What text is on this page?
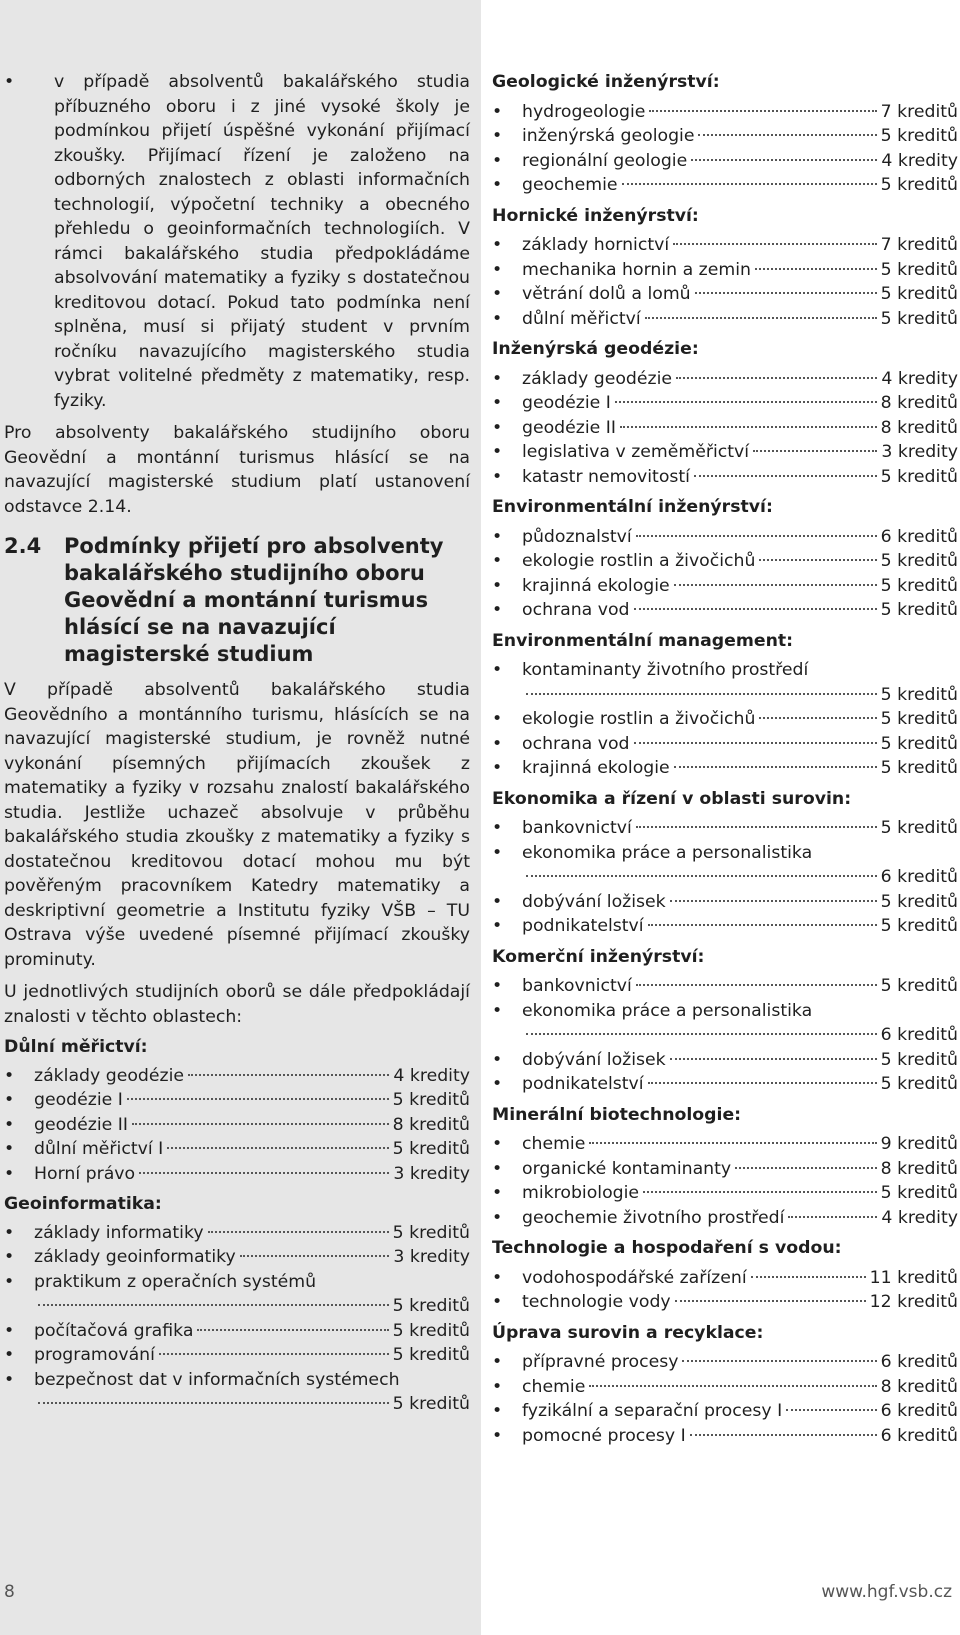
• v případě absolventů bakalářského studia příbuzného oboru i z jiné vysoké školy je podmínkou přijetí úspěšné vykonání přijímací zkoušky. Přijímací řízení je založeno na odborných znalostech z oblasti informačních technologií, výpočetní techniky a obecného přehledu o geoinformačních technologiích. V rámci bakalářského studia předpokládáme absolvování matematiky a fyziky s dostatečnou kreditovou dotací. Pokud tato podmínka není splněna, musí si přijatý student v prvním ročníku navazujícího magisterského studia vybrat volitelné předměty z matematiky, resp. fyziky.

Pro absolventy bakalářského studijního oboru Geovědní a montánní turismus hlásící se na navazující magisterské studium platí ustanovení odstavce 2.14.

2.4	Podmínky přijetí pro absolventy bakalářského studijního oboru Geovědní a montánní turismus hlásící se na navazující magisterské studium

V případě absolventů bakalářského studia Geovědního a montánního turismu, hlásících se na navazující magisterské studium, je rovněž nutné vykonání písemných přijímacích zkoušek z matematiky a fyziky v rozsahu znalostí bakalářského studia. Jestliže uchazeč absolvuje v průběhu bakalářského studia zkoušky z matematiky a fyziky s dostatečnou kreditovou dotací mohou mu být pověřeným pracovníkem Katedry matematiky a deskriptivní geometrie a Institutu fyziky VŠB – TU Ostrava výše uvedené písemné přijímací zkoušky prominuty.

U jednotlivých studijních oborů se dále předpokládají znalosti v těchto oblastech:

Důlní měřictví:
• základy geodézie	4 kredity
• geodézie I	5 kreditů
• geodézie II	8 kreditů
• důlní měřictví I	5 kreditů
• Horní právo	3 kredity
Geoinformatika:
• základy informatiky	5 kreditů
• základy geoinformatiky	3 kredity
• praktikum z operačních systémů
5 kreditů
• počítačová grafika	5 kreditů
• programování	5 kreditů
• bezpečnost dat v informačních systémech
5 kreditů
Geologické inženýrství:
• hydrogeologie	7 kreditů
• inženýrská geologie	5 kreditů
• regionální geologie	4 kredity
• geochemie	5 kreditů
Hornické inženýrství:
• základy hornictví	7 kreditů
• mechanika hornin a zemin	5 kreditů
• větrání dolů a lomů	5 kreditů
• důlní měřictví	5 kreditů
Inženýrská geodézie:
• základy geodézie	4 kredity
• geodézie I	8 kreditů
• geodézie II	8 kreditů
• legislativa v zeměměřictví	3 kredity
• katastr nemovitostí	5 kreditů
Environmentální inženýrství:
• půdoznalství	6 kreditů
• ekologie rostlin a živočichů	5 kreditů
• krajinná ekologie	5 kreditů
• ochrana vod	5 kreditů
Environmentální management:
• kontaminanty životního prostředí
5 kreditů
• ekologie rostlin a živočichů	5 kreditů
• ochrana vod	5 kreditů
• krajinná ekologie	5 kreditů
Ekonomika a řízení v oblasti surovin:
• bankovnictví	5 kreditů
• ekonomika práce a personalistika
6 kreditů
• dobývání ložisek	5 kreditů
• podnikatelství	5 kreditů
Komerční inženýrství:
• bankovnictví	5 kreditů
• ekonomika práce a personalistika
6 kreditů
• dobývání ložisek	5 kreditů
• podnikatelství	5 kreditů
Minerální biotechnologie:
• chemie	9 kreditů
• organické kontaminanty	8 kreditů
• mikrobiologie	5 kreditů
• geochemie životního prostředí	4 kredity
Technologie a hospodaření s vodou:
• vodohospodářské zařízení	11 kreditů
• technologie vody	12 kreditů
Úprava surovin a recyklace:
• přípravné procesy	6 kreditů
• chemie	8 kreditů
• fyzikální a separační procesy I	6 kreditů
• pomocné procesy I	6 kreditů
8	www.hgf.vsb.cz
